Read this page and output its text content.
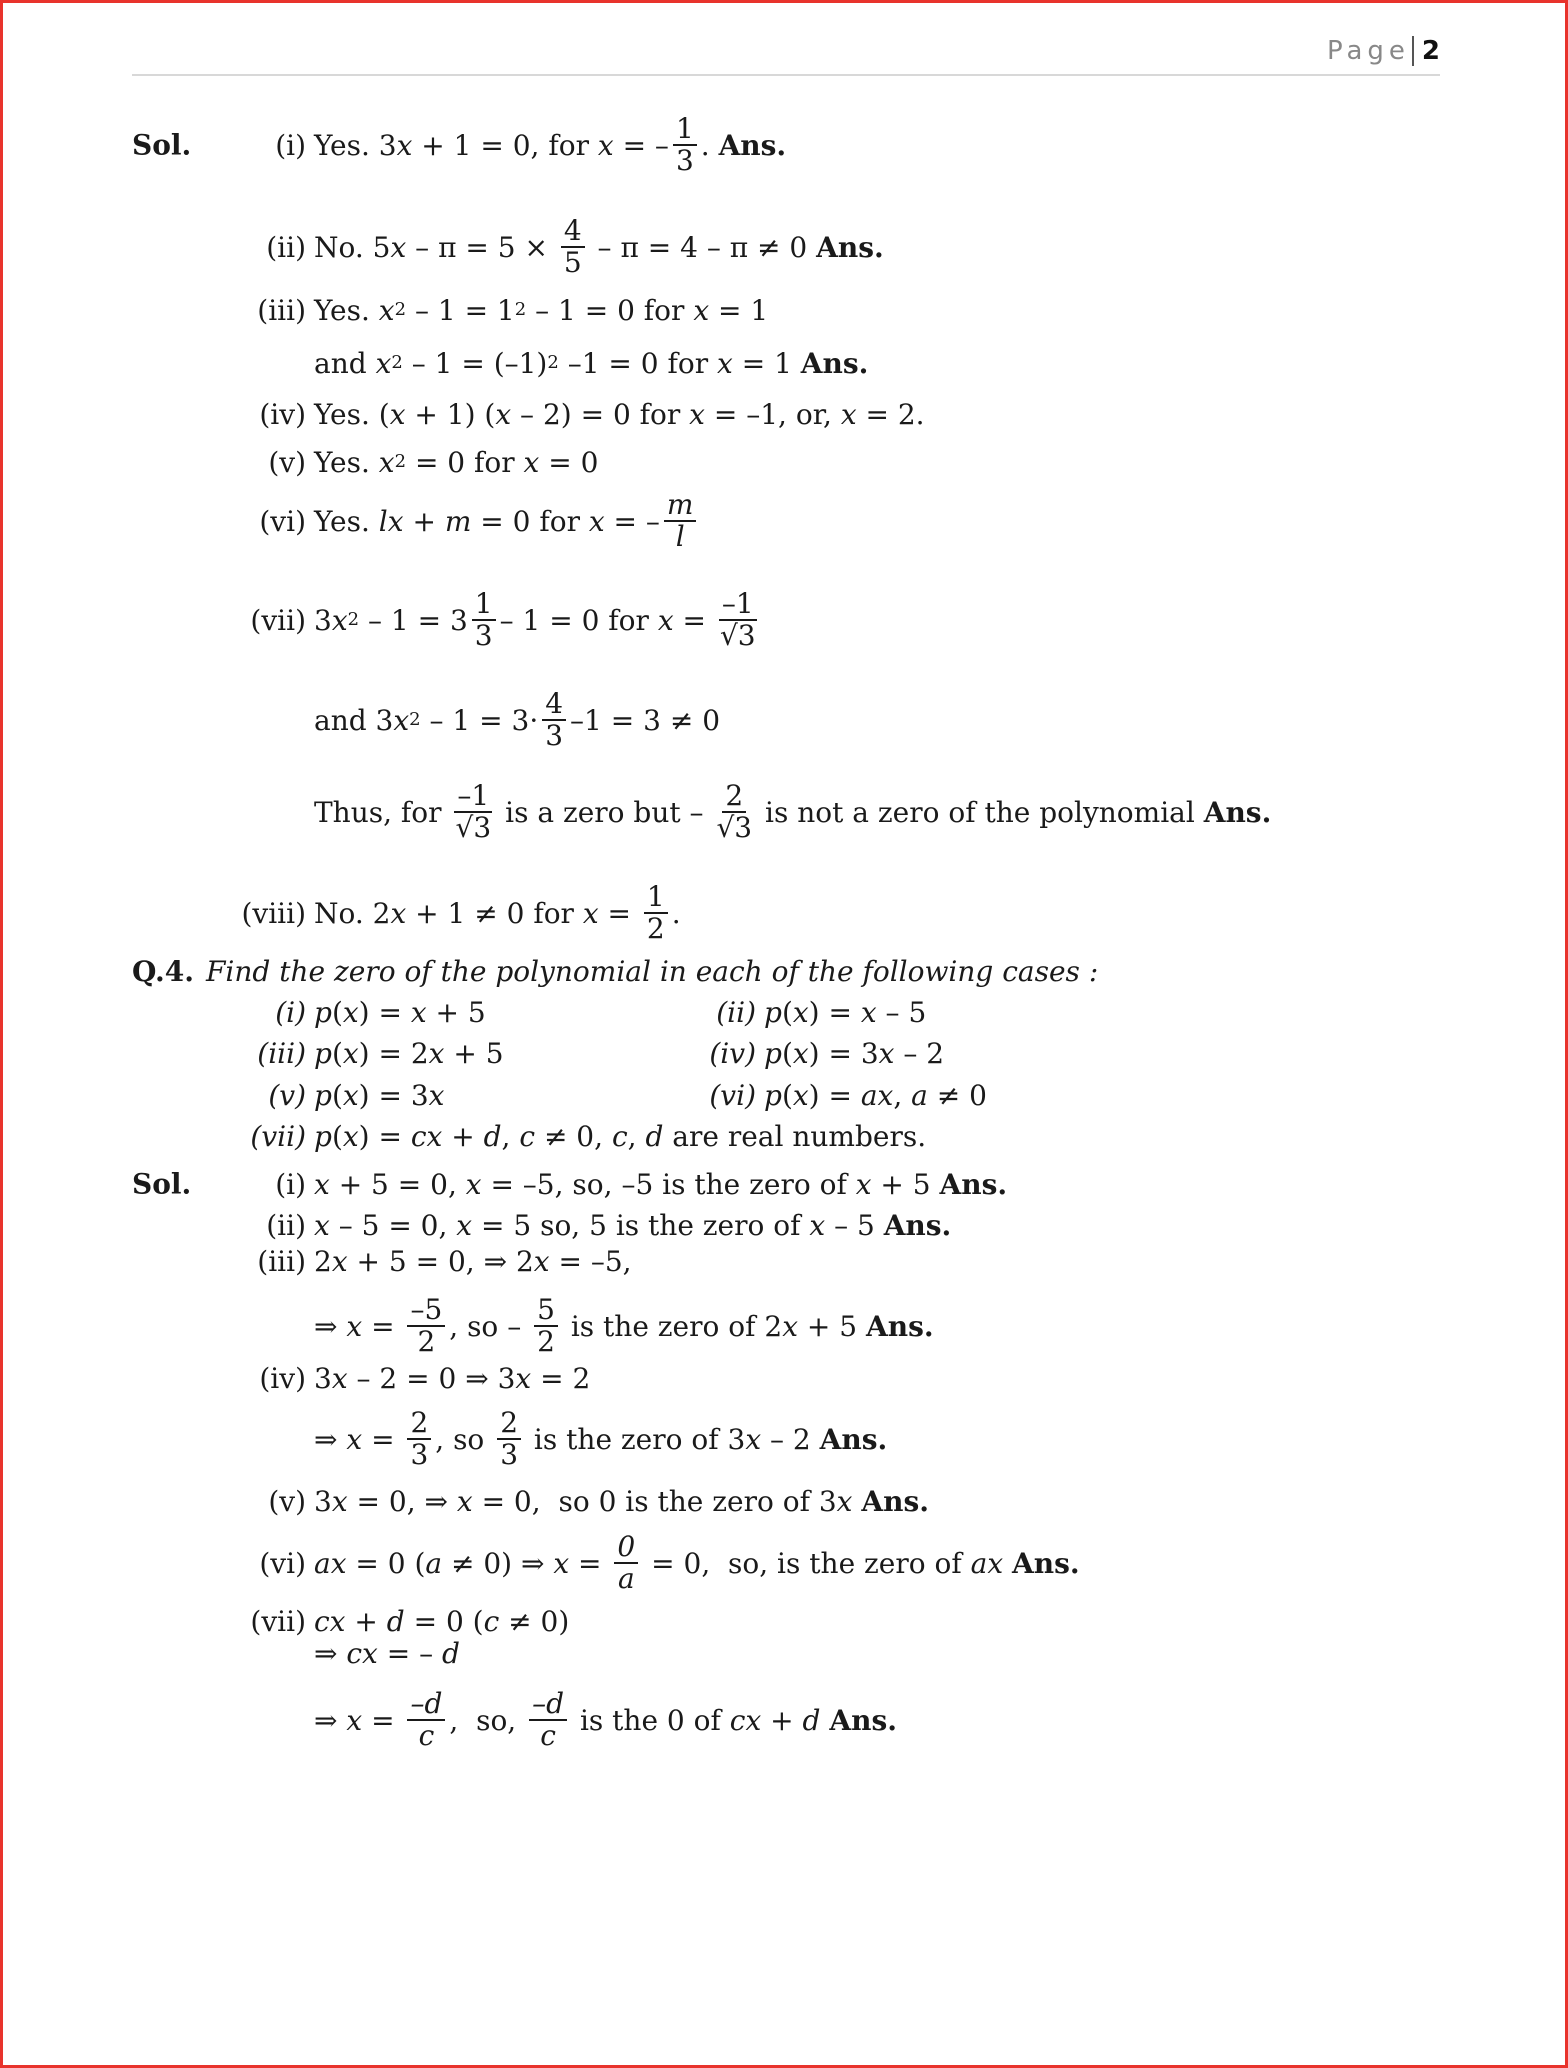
Page 2
Sol.
Sol.
Q.4. Find the zero of the polynomial in each of the following cases :
(i) Yes. 3 x + 1 = 0, for x = – $\frac{1}{3}$ . Ans.
(ii) No. 5 $x - \pi = 5 \times \frac{4}{5} - \pi = 4 - \pi \ne 0$ Ans.
(iii) Yes. x 2 – 1 = 1 2 – 1 = 0 for x = 1
and x 2 – 1 = (–1) 2 –1 = 0 for x = 1 Ans.
(iv) Yes. ( x + 1) ( x – 2) = 0 for x = –1, or, x = 2.
(v) Yes. x 2 = 0 for x = 0
(vi) Yes. lx + m = 0 for x = – $\frac{m}{l}$
(vii) 3 x $2 - 1 = 3 \frac{1}{3} - 1 = 0$ for $x = \frac{-1}{√3}$
and 3 x $2 - 1 = 3\cdot \frac{4}{3} -1 = 3 \ne 0$
Thus, for $\frac{-1}{√3}$ is a zero but – $\frac{2}{√3}$ is not a zero of the polynomial Ans.
(viii) No. 2 x + 1 ≠ 0 for $x = \frac{1}{2}$ .
(i) p ( x ) = x + 5	(ii) p ( x ) = x – 5
(iii) p ( x ) = 2 x + 5	(iv) p ( x ) = 3 x – 2
(v) p ( x ) = 3 x	(vi) p ( x ) = ax , a ≠ 0
(vii) p ( x ) = cx + d , c ≠ 0, c , d are real numbers.
(i) x + 5 = 0, x = –5, so, –5 is the zero of x + 5 Ans.
(ii) x – 5 = 0, x = 5 so, 5 is the zero of x – 5 Ans.
(iii) 2 x + 5 = 0, ⇒ 2 x = –5,
⇒ $x = \frac{-5}{2}$ , so – $\frac{5}{2}$ is the zero of 2 x + 5 Ans.
(iv) 3 x – 2 = 0 ⇒ 3 x = 2
⇒ $x = \frac{2}{3}$ , so $\frac{2}{3}$ is the zero of 3 x – 2 Ans.
(v) 3 x = 0, ⇒ x = 0,  so 0 is the zero of 3 x
Ans.
(vi) ax = 0 ( a ≠ 0) ⇒ $x = \frac{0}{a} = 0$,  so, is the zero of ax
Ans.
(vii) cx + d = 0 ( c ≠ 0)
⇒ cx = – d
⇒ $x = \frac{-d}{c}$ ,  so, $\frac{-d}{c}$ is the 0 of cx + d
Ans.
